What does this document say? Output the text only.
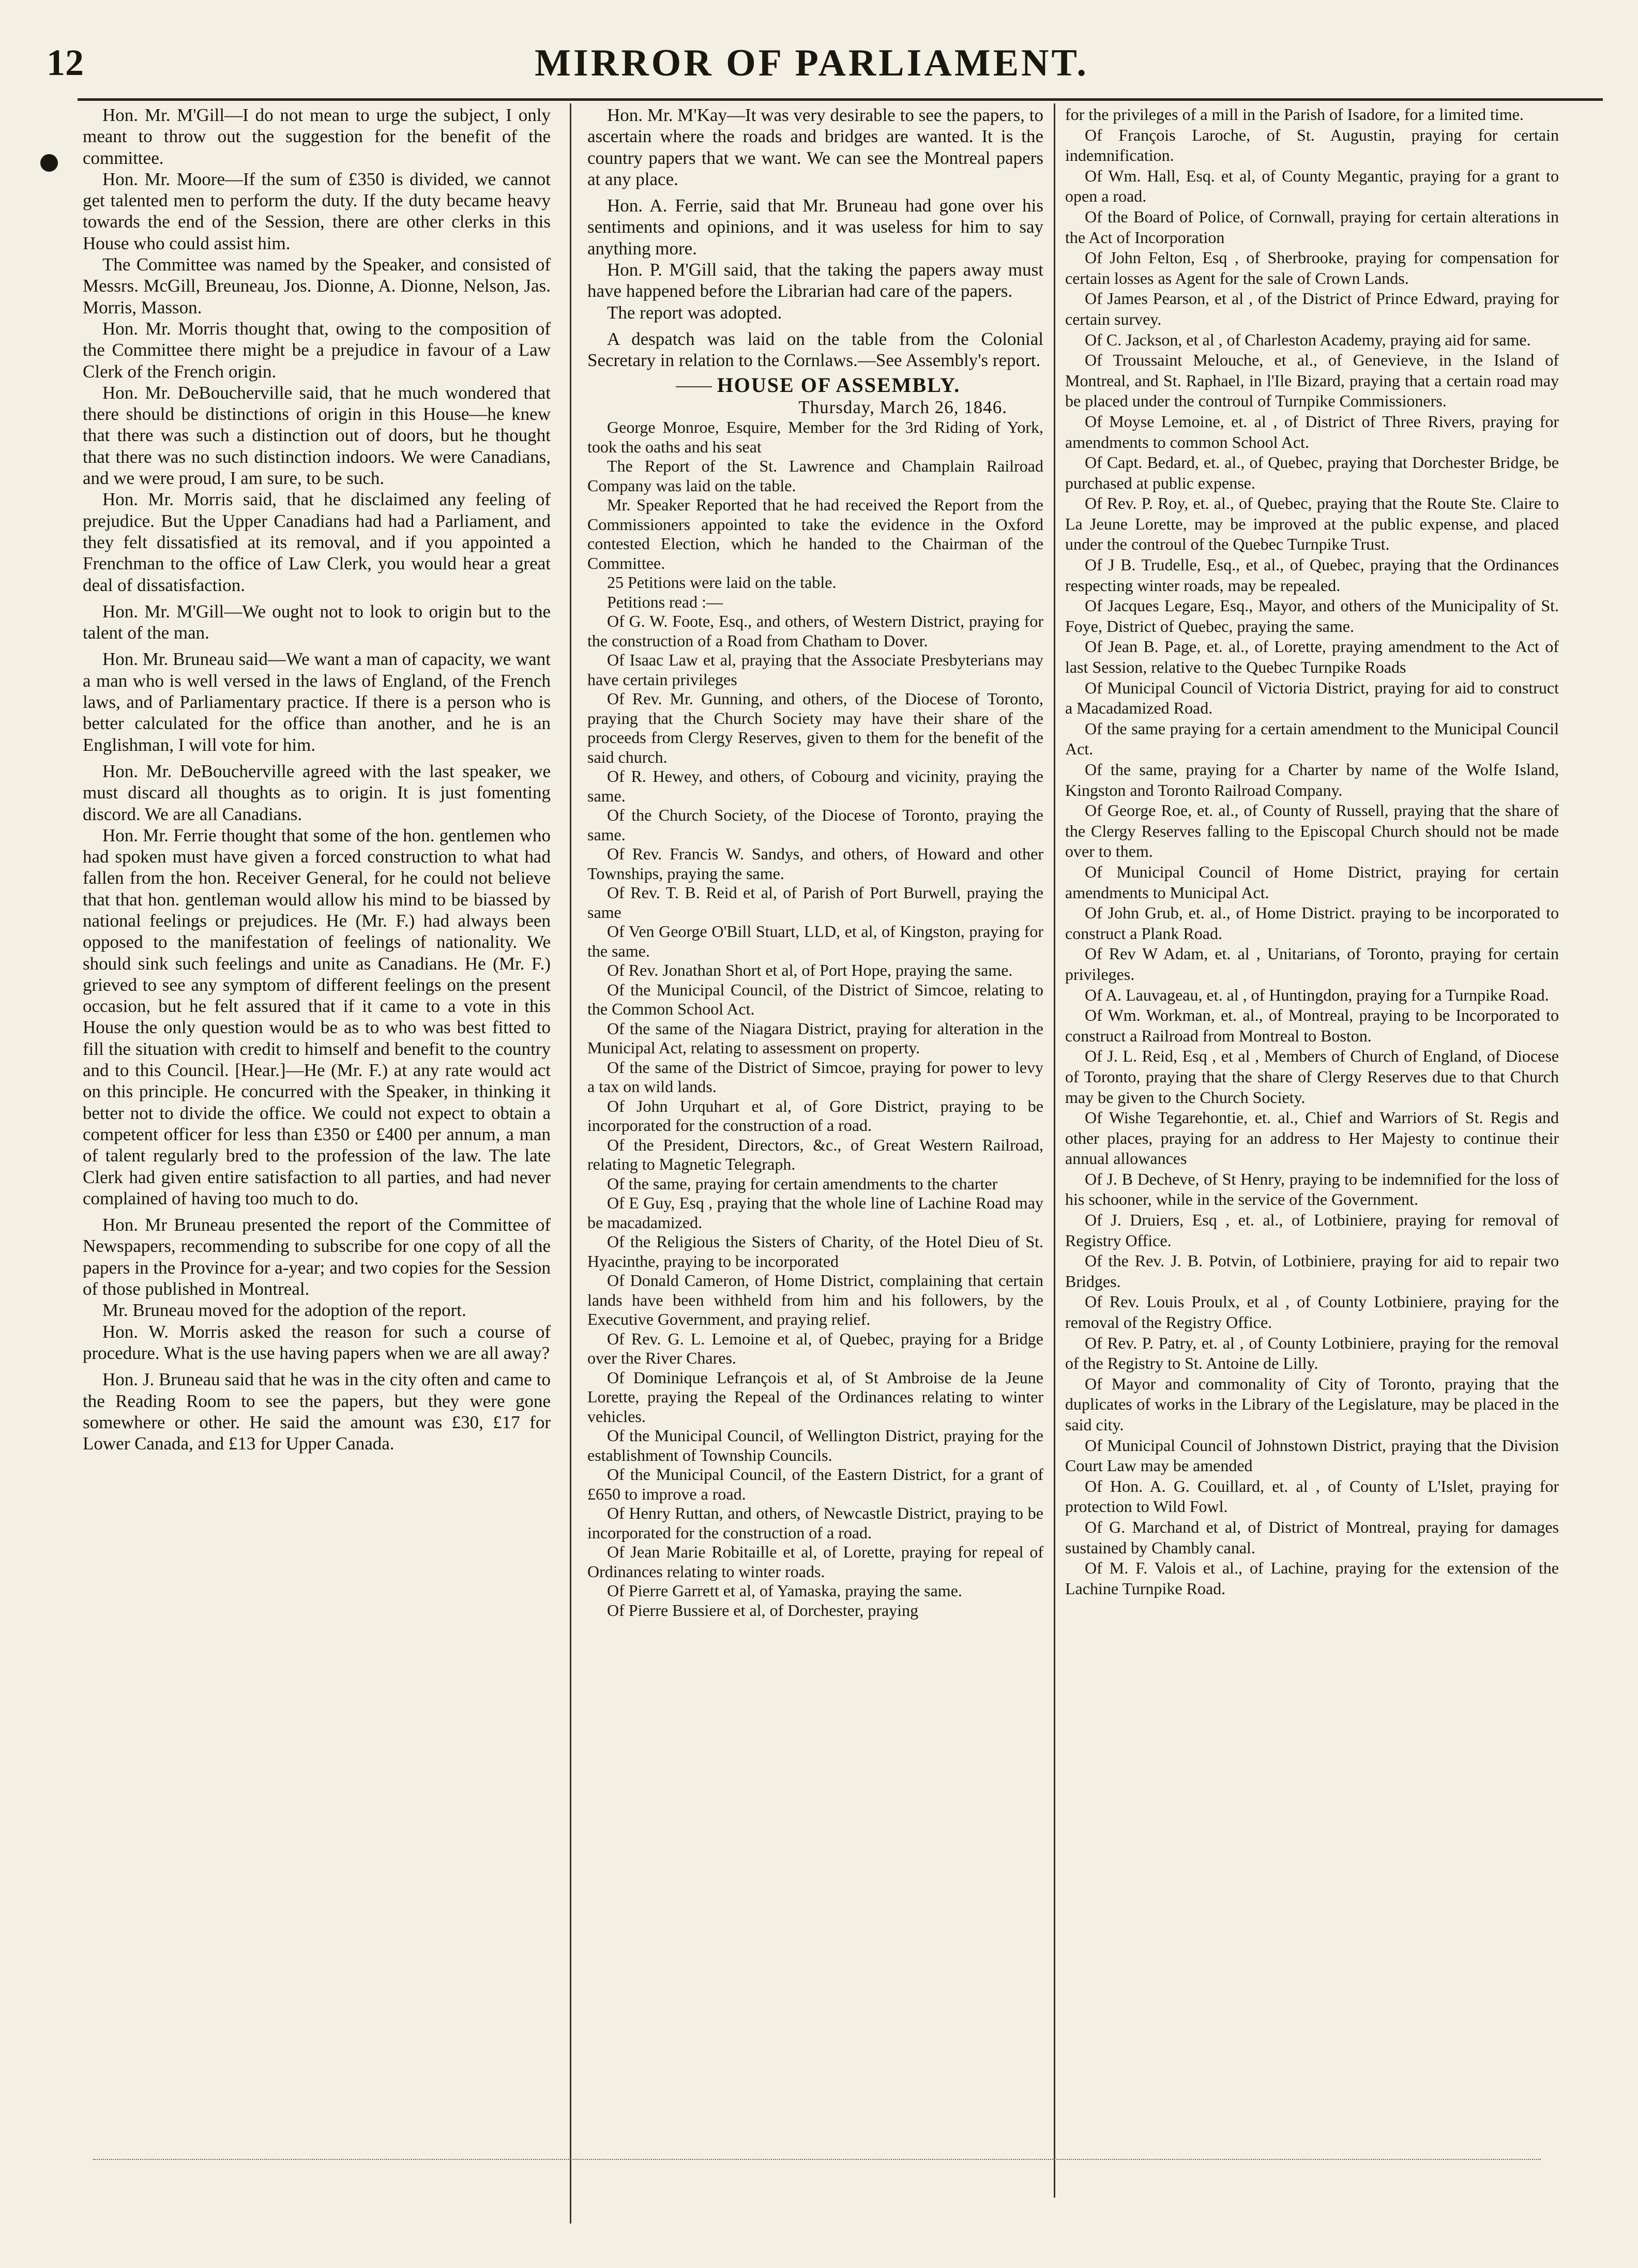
12	MIRROR OF PARLIAMENT.

Hon. Mr. M'Gill—I do not mean to urge the subject, I only meant to throw out the suggestion for the benefit of the committee.

Hon. Mr. Moore—If the sum of £350 is divided, we cannot get talented men to perform the duty. If the duty became heavy towards the end of the Session, there are other clerks in this House who could assist him.

The Committee was named by the Speaker, and consisted of Messrs. McGill, Breuneau, Jos. Dionne, A. Dionne, Nelson, Jas. Morris, Masson.

Hon. Mr. Morris thought that, owing to the composition of the Committee there might be a prejudice in favour of a Law Clerk of the French origin.

Hon. Mr. DeBoucherville said, that he much wondered that there should be distinctions of origin in this House—he knew that there was such a distinction out of doors, but he thought that there was no such distinction indoors. We were Canadians, and we were proud, I am sure, to be such.

Hon. Mr. Morris said, that he disclaimed any feeling of prejudice. But the Upper Canadians had had a Parliament, and they felt dissatisfied at its removal, and if you appointed a Frenchman to the office of Law Clerk, you would hear a great deal of dissatisfaction.

Hon. Mr. M'Gill—We ought not to look to origin but to the talent of the man.

Hon. Mr. Bruneau said—We want a man of capacity, we want a man who is well versed in the laws of England, of the French laws, and of Parliamentary practice. If there is a person who is better calculated for the office than another, and he is an Englishman, I will vote for him.

Hon. Mr. DeBoucherville agreed with the last speaker, we must discard all thoughts as to origin. It is just fomenting discord. We are all Canadians.

Hon. Mr. Ferrie thought that some of the hon. gentlemen who had spoken must have given a forced construction to what had fallen from the hon. Receiver General, for he could not believe that that hon. gentleman would allow his mind to be biassed by national feelings or prejudices. He (Mr. F.) had always been opposed to the manifestation of feelings of nationality. We should sink such feelings and unite as Canadians. He (Mr. F.) grieved to see any symptom of different feelings on the present occasion, but he felt assured that if it came to a vote in this House the only question would be as to who was best fitted to fill the situation with credit to himself and benefit to the country and to this Council. [Hear.]—He (Mr. F.) at any rate would act on this principle. He concurred with the Speaker, in thinking it better not to divide the office. We could not expect to obtain a competent officer for less than £350 or £400 per annum, a man of talent regularly bred to the profession of the law. The late Clerk had given entire satisfaction to all parties, and had never complained of having too much to do.

Hon. Mr Bruneau presented the report of the Committee of Newspapers, recommending to subscribe for one copy of all the papers in the Province for a-year; and two copies for the Session of those published in Montreal.

Mr. Bruneau moved for the adoption of the report.

Hon. W. Morris asked the reason for such a course of procedure. What is the use having papers when we are all away?

Hon. J. Bruneau said that he was in the city often and came to the Reading Room to see the papers, but they were gone somewhere or other. He said the amount was £30, £17 for Lower Canada, and £13 for Upper Canada.

Hon. Mr. M'Kay—It was very desirable to see the papers, to ascertain where the roads and bridges are wanted. It is the country papers that we want. We can see the Montreal papers at any place.

Hon. A. Ferrie, said that Mr. Bruneau had gone over his sentiments and opinions, and it was useless for him to say anything more.

Hon. P. M'Gill said, that the taking the papers away must have happened before the Librarian had care of the papers.

The report was adopted.

A despatch was laid on the table from the Colonial Secretary in relation to the Cornlaws.—See Assembly's report.

HOUSE OF ASSEMBLY.

Thursday, March 26, 1846.

George Monroe, Esquire, Member for the 3rd Riding of York, took the oaths and his seat

The Report of the St. Lawrence and Champlain Railroad Company was laid on the table.

Mr. Speaker Reported that he had received the Report from the Commissioners appointed to take the evidence in the Oxford contested Election, which he handed to the Chairman of the Committee.

25 Petitions were laid on the table.

Petitions read :—

Of G. W. Foote, Esq., and others, of Western District, praying for the construction of a Road from Chatham to Dover.

Of Isaac Law et al, praying that the Associate Presbyterians may have certain privileges

Of Rev. Mr. Gunning, and others, of the Diocese of Toronto, praying that the Church Society may have their share of the proceeds from Clergy Reserves, given to them for the benefit of the said church.

Of R. Hewey, and others, of Cobourg and vicinity, praying the same.

Of the Church Society, of the Diocese of Toronto, praying the same.

Of Rev. Francis W. Sandys, and others, of Howard and other Townships, praying the same.

Of Rev. T. B. Reid et al, of Parish of Port Burwell, praying the same

Of Ven George O'Bill Stuart, LLD, et al, of Kingston, praying for the same.

Of Rev. Jonathan Short et al, of Port Hope, praying the same.

Of the Municipal Council, of the District of Simcoe, relating to the Common School Act.

Of the same of the Niagara District, praying for alteration in the Municipal Act, relating to assessment on property.

Of the same of the District of Simcoe, praying for power to levy a tax on wild lands.

Of John Urquhart et al, of Gore District, praying to be incorporated for the construction of a road.

Of the President, Directors, &c., of Great Western Railroad, relating to Magnetic Telegraph.

Of the same, praying for certain amendments to the charter

Of E Guy, Esq , praying that the whole line of Lachine Road may be macadamized.

Of the Religious the Sisters of Charity, of the Hotel Dieu of St. Hyacinthe, praying to be incorporated

Of Donald Cameron, of Home District, complaining that certain lands have been withheld from him and his followers, by the Executive Government, and praying relief.

Of Rev. G. L. Lemoine et al, of Quebec, praying for a Bridge over the River Chares.

Of Dominique Lefrançois et al, of St Ambroise de la Jeune Lorette, praying the Repeal of the Ordinances relating to winter vehicles.

Of the Municipal Council, of Wellington District, praying for the establishment of Township Councils.

Of the Municipal Council, of the Eastern District, for a grant of £650 to improve a road.

Of Henry Ruttan, and others, of Newcastle District, praying to be incorporated for the construction of a road.

Of Jean Marie Robitaille et al, of Lorette, praying for repeal of Ordinances relating to winter roads.

Of Pierre Garrett et al, of Yamaska, praying the same.

Of Pierre Bussiere et al, of Dorchester, praying

for the privileges of a mill in the Parish of Isadore, for a limited time.

Of François Laroche, of St. Augustin, praying for certain indemnification.

Of Wm. Hall, Esq. et al, of County Megantic, praying for a grant to open a road.

Of the Board of Police, of Cornwall, praying for certain alterations in the Act of Incorporation

Of John Felton, Esq , of Sherbrooke, praying for compensation for certain losses as Agent for the sale of Crown Lands.

Of James Pearson, et al , of the District of Prince Edward, praying for certain survey.

Of C. Jackson, et al , of Charleston Academy, praying aid for same.

Of Troussaint Melouche, et al., of Genevieve, in the Island of Montreal, and St. Raphael, in l'Ile Bizard, praying that a certain road may be placed under the controul of Turnpike Commissioners.

Of Moyse Lemoine, et. al , of District of Three Rivers, praying for amendments to common School Act.

Of Capt. Bedard, et. al., of Quebec, praying that Dorchester Bridge, be purchased at public expense.

Of Rev. P. Roy, et. al., of Quebec, praying that the Route Ste. Claire to La Jeune Lorette, may be improved at the public expense, and placed under the controul of the Quebec Turnpike Trust.

Of J B. Trudelle, Esq., et al., of Quebec, praying that the Ordinances respecting winter roads, may be repealed.

Of Jacques Legare, Esq., Mayor, and others of the Municipality of St. Foye, District of Quebec, praying the same.

Of Jean B. Page, et. al., of Lorette, praying amendment to the Act of last Session, relative to the Quebec Turnpike Roads

Of Municipal Council of Victoria District, praying for aid to construct a Macadamized Road.

Of the same praying for a certain amendment to the Municipal Council Act.

Of the same, praying for a Charter by name of the Wolfe Island, Kingston and Toronto Railroad Company.

Of George Roe, et. al., of County of Russell, praying that the share of the Clergy Reserves falling to the Episcopal Church should not be made over to them.

Of Municipal Council of Home District, praying for certain amendments to Municipal Act.

Of John Grub, et. al., of Home District. praying to be incorporated to construct a Plank Road.

Of Rev W Adam, et. al , Unitarians, of Toronto, praying for certain privileges.

Of A. Lauvageau, et. al , of Huntingdon, praying for a Turnpike Road.

Of Wm. Workman, et. al., of Montreal, praying to be Incorporated to construct a Railroad from Montreal to Boston.

Of J. L. Reid, Esq , et al , Members of Church of England, of Diocese of Toronto, praying that the share of Clergy Reserves due to that Church may be given to the Church Society.

Of Wishe Tegarehontie, et. al., Chief and Warriors of St. Regis and other places, praying for an address to Her Majesty to continue their annual allowances

Of J. B Decheve, of St Henry, praying to be indemnified for the loss of his schooner, while in the service of the Government.

Of J. Druiers, Esq , et. al., of Lotbiniere, praying for removal of Registry Office.

Of the Rev. J. B. Potvin, of Lotbiniere, praying for aid to repair two Bridges.

Of Rev. Louis Proulx, et al , of County Lotbiniere, praying for the removal of the Registry Office.

Of Rev. P. Patry, et. al , of County Lotbiniere, praying for the removal of the Registry to St. Antoine de Lilly.

Of Mayor and commonality of City of Toronto, praying that the duplicates of works in the Library of the Legislature, may be placed in the said city.

Of Municipal Council of Johnstown District, praying that the Division Court Law may be amended

Of Hon. A. G. Couillard, et. al , of County of L'Islet, praying for protection to Wild Fowl.

Of G. Marchand et al, of District of Montreal, praying for damages sustained by Chambly canal.

Of M. F. Valois et al., of Lachine, praying for the extension of the Lachine Turnpike Road.
